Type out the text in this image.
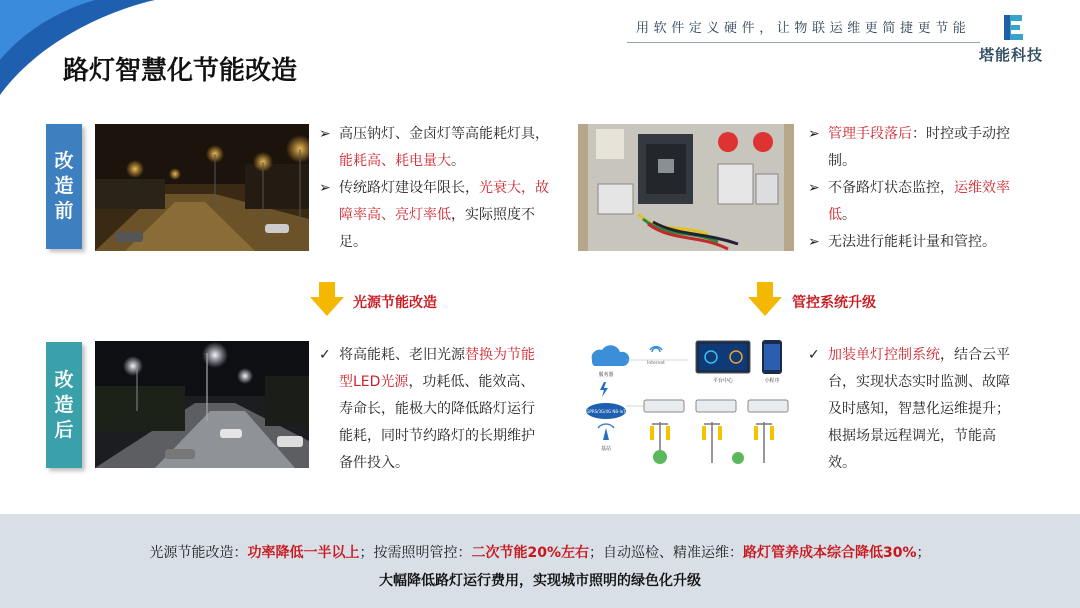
用软件定义硬件，让物联运维更简捷更节能
塔能科技
路灯智慧化节能改造
改
造
前
改
造
后
服务器
Internet
平台中心	小程序
GPRS/3G/4G NB-IoT
基站
➢ 高压钠灯、金卤灯等高能耗灯具，能耗高、耗电量大。
➢ 传统路灯建设年限长，光衰大，故障率高、亮灯率低，实际照度不足。
➢ 管理手段落后：时控或手动控制。
➢ 不备路灯状态监控，运维效率低。
➢ 无法进行能耗计量和管控。
✓ 将高能耗、老旧光源替换为节能型LED光源，功耗低、能效高、寿命长，能极大的降低路灯运行能耗，同时节约路灯的长期维护备件投入。
✓ 加装单灯控制系统，结合云平台，实现状态实时监测、故障及时感知，智慧化运维提升；根据场景远程调光，节能高效。
光源节能改造	管控系统升级
光源节能改造：功率降低一半以上；按需照明管控：二次节能20%左右；自动巡检、精准运维：路灯管养成本综合降低30%；
大幅降低路灯运行费用，实现城市照明的绿色化升级
